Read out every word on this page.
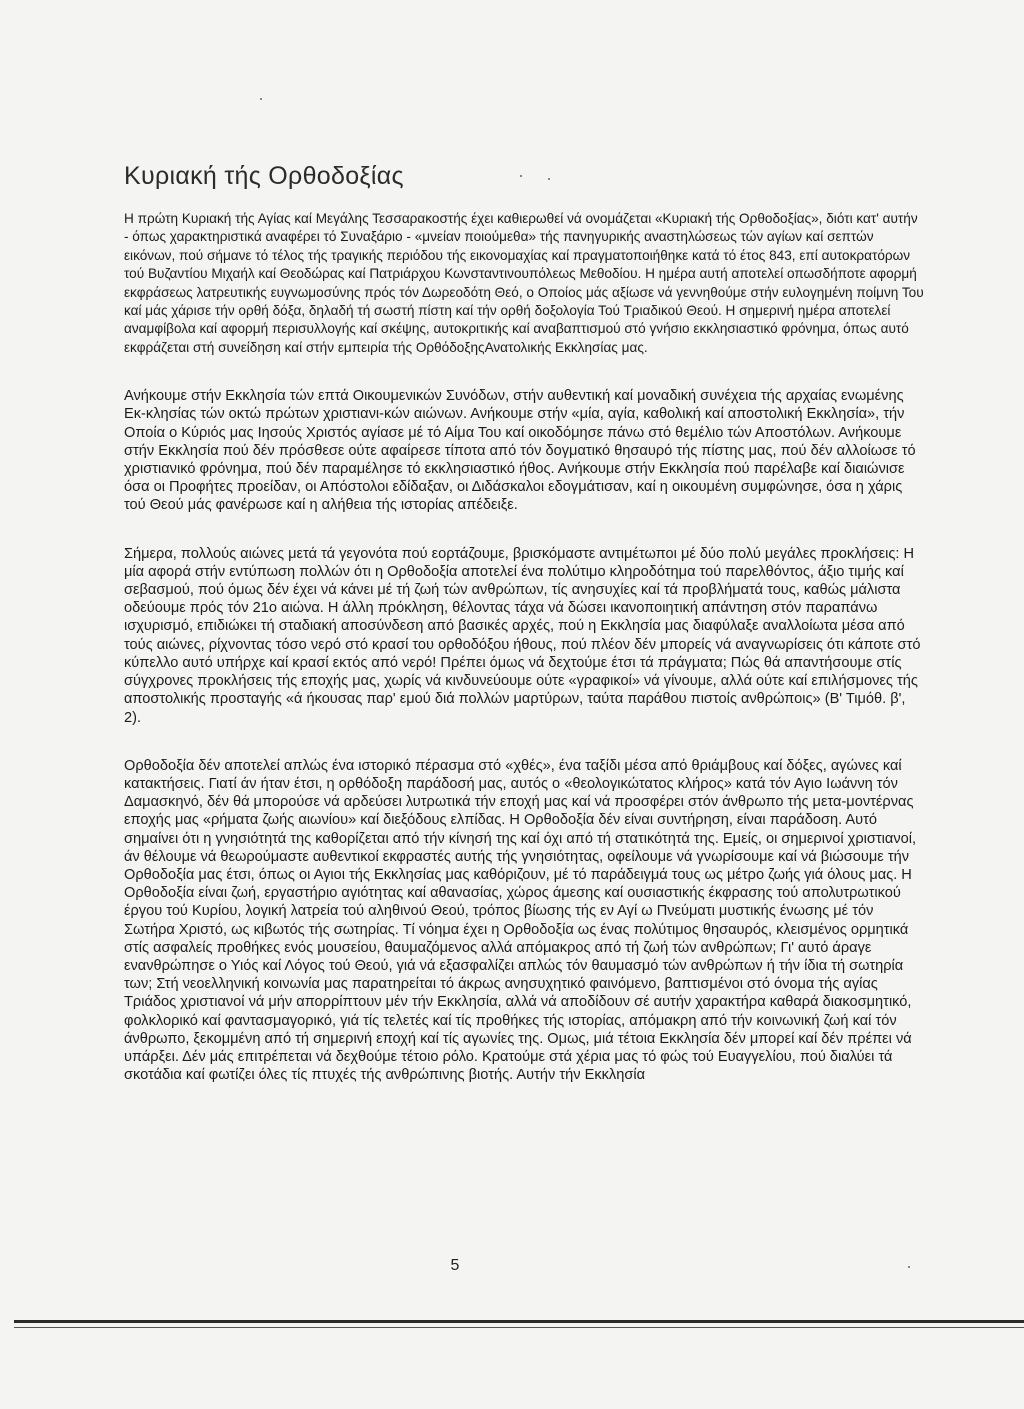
Κυριακή τής Ορθοδοξίας

Η πρώτη Κυριακή τής Αγίας καί Μεγάλης Τεσσαρακοστής έχει καθιερωθεί νά ονομάζεται «Κυριακή τής Ορθοδοξίας», διότι κατ' αυτήν - όπως χαρακτηριστικά αναφέρει τό Συναξάριο - «μνείαν ποιούμεθα» τής πανηγυρικής αναστηλώσεως τών αγίων καί σεπτών εικόνων, πού σήμανε τό τέλος τής τραγικής περιόδου τής εικονομαχίας καί πραγματοποιήθηκε κατά τό έτος 843, επί αυτοκρατόρων τού Βυζαντίου Μιχαήλ καί Θεοδώρας καί Πατριάρχου Κωνσταντινουπόλεως Μεθοδίου. Η ημέρα αυτή αποτελεί οπωσδήποτε αφορμή εκφράσεως λατρευτικής ευγνωμοσύνης πρός τόν Δωρεοδότη Θεό, ο Οποίος μάς αξίωσε νά γεννηθούμε στήν ευλογημένη ποίμνη Του καί μάς χάρισε τήν ορθή δόξα, δηλαδή τή σωστή πίστη καί τήν ορθή δοξολογία Τού Τριαδικού Θεού. Η σημερινή ημέρα αποτελεί αναμφίβολα καί αφορμή περισυλλογής καί σκέψης, αυτοκριτικής καί αναβαπτισμού στό γνήσιο εκκλησιαστικό φρόνημα, όπως αυτό εκφράζεται στή συνείδηση καί στήν εμπειρία τής ΟρθόδοξηςΑνατολικής Εκκλησίας μας.

Ανήκουμε στήν Εκκλησία τών επτά Οικουμενικών Συνόδων, στήν αυθεντική καί μοναδική συνέχεια τής αρχαίας ενωμένης Εκ-κλησίας τών οκτώ πρώτων χριστιανι-κών αιώνων. Ανήκουμε στήν «μία, αγία, καθολική καί αποστολική Εκκλησία», τήν Οποία ο Κύριός μας Ιησούς Χριστός αγίασε μέ τό Αίμα Του καί οικοδόμησε πάνω στό θεμέλιο τών Αποστόλων. Ανήκουμε στήν Εκκλησία πού δέν πρόσθεσε ούτε αφαίρεσε τίποτα από τόν δογματικό θησαυρό τής πίστης μας, πού δέν αλλοίωσε τό χριστιανικό φρόνημα, πού δέν παραμέλησε τό εκκλησιαστικό ήθος. Ανήκουμε στήν Εκκλησία πού παρέλαβε καί διαιώνισε όσα οι Προφήτες προείδαν, οι Απόστολοι εδίδαξαν, οι Διδάσκαλοι εδογμάτισαν, καί η οικουμένη συμφώνησε, όσα η χάρις τού Θεού μάς φανέρωσε καί η αλήθεια τής ιστορίας απέδειξε.

Σήμερα, πολλούς αιώνες μετά τά γεγονότα πού εορτάζουμε, βρισκόμαστε αντιμέτωποι μέ δύο πολύ μεγάλες προκλήσεις: Η μία αφορά στήν εντύπωση πολλών ότι η Ορθοδοξία αποτελεί ένα πολύτιμο κληροδότημα τού παρελθόντος, άξιο τιμής καί σεβασμού, πού όμως δέν έχει νά κάνει μέ τή ζωή τών ανθρώπων, τίς ανησυχίες καί τά προβλήματά τους, καθώς μάλιστα οδεύουμε πρός τόν 21ο αιώνα. Η άλλη πρόκληση, θέλοντας τάχα νά δώσει ικανοποιητική απάντηση στόν παραπάνω ισχυρισμό, επιδιώκει τή σταδιακή αποσύνδεση από βασικές αρχές, πού η Εκκλησία μας διαφύλαξε αναλλοίωτα μέσα από τούς αιώνες, ρίχνοντας τόσο νερό στό κρασί του ορθοδόξου ήθους, πού πλέον δέν μπορείς νά αναγνωρίσεις ότι κάποτε στό κύπελλο αυτό υπήρχε καί κρασί εκτός από νερό! Πρέπει όμως νά δεχτούμε έτσι τά πράγματα; Πώς θά απαντήσουμε στίς σύγχρονες προκλήσεις τής εποχής μας, χωρίς νά κινδυνεύουμε ούτε «γραφικοί» νά γίνουμε, αλλά ούτε καί επιλήσμονες τής αποστολικής προσταγής «ά ήκουσας παρ' εμού διά πολλών μαρτύρων, ταύτα παράθου πιστοίς ανθρώποις» (Β' Τιμόθ. β', 2).

Ορθοδοξία δέν αποτελεί απλώς ένα ιστορικό πέρασμα στό «χθές», ένα ταξίδι μέσα από θριάμβους καί δόξες, αγώνες καί κατακτήσεις. Γιατί άν ήταν έτσι, η ορθόδοξη παράδοσή μας, αυτός ο «θεολογικώτατος κλήρος» κατά τόν Αγιο Ιωάννη τόν Δαμασκηνό, δέν θά μπορούσε νά αρδεύσει λυτρωτικά τήν εποχή μας καί νά προσφέρει στόν άνθρωπο τής μετα-μοντέρνας εποχής μας «ρήματα ζωής αιωνίου» καί διεξόδους ελπίδας. Η Ορθοδοξία δέν είναι συντήρηση, είναι παράδοση. Αυτό σημαίνει ότι η γνησιότητά της καθορίζεται από τήν κίνησή της καί όχι από τή στατικότητά της. Εμείς, οι σημερινοί χριστιανοί, άν θέλουμε νά θεωρούμαστε αυθεντικοί εκφραστές αυτής τής γνησιότητας, οφείλουμε νά γνωρίσουμε καί νά βιώσουμε τήν Ορθοδοξία μας έτσι, όπως οι Αγιοι τής Εκκλησίας μας καθόριζουν, μέ τό παράδειγμά τους ως μέτρο ζωής γιά όλους μας. Η Ορθοδοξία είναι ζωή, εργαστήριο αγιότητας καί αθανασίας, χώρος άμεσης καί ουσιαστικής έκφρασης τού απολυτρωτικού έργου τού Κυρίου, λογική λατρεία τού αληθινού Θεού, τρόπος βίωσης τής εν Αγί ω Πνεύματι μυστικής ένωσης μέ τόν Σωτήρα Χριστό, ως κιβωτός τής σωτηρίας. Τί νόημα έχει η Ορθοδοξία ως ένας πολύτιμος θησαυρός, κλεισμένος ορμητικά στίς ασφαλείς προθήκες ενός μουσείου, θαυμαζόμενος αλλά απόμακρος από τή ζωή τών ανθρώπων; Γι' αυτό άραγε ενανθρώπησε ο Υιός καί Λόγος τού Θεού, γιά νά εξασφαλίζει απλώς τόν θαυμασμό τών ανθρώπων ή τήν ίδια τή σωτηρία των; Στή νεοελληνική κοινωνία μας παρατηρείται τό άκρως ανησυχητικό φαινόμενο, βαπτισμένοι στό όνομα τής αγίας Τριάδος χριστιανοί νά μήν απορρίπτουν μέν τήν Εκκλησία, αλλά νά αποδίδουν σέ αυτήν χαρακτήρα καθαρά διακοσμητικό, φολκλορικό καί φαντασμαγορικό, γιά τίς τελετές καί τίς προθήκες τής ιστορίας, απόμακρη από τήν κοινωνική ζωή καί τόν άνθρωπο, ξεκομμένη από τή σημερινή εποχή καί τίς αγωνίες της. Ομως, μιά τέτοια Εκκλησία δέν μπορεί καί δέν πρέπει νά υπάρξει. Δέν μάς επιτρέπεται νά δεχθούμε τέτοιο ρόλο. Κρατούμε στά χέρια μας τό φώς τού Ευαγγελίου, πού διαλύει τά σκοτάδια καί φωτίζει όλες τίς πτυχές τής ανθρώπινης βιοτής. Αυτήν τήν Εκκλησία

5
